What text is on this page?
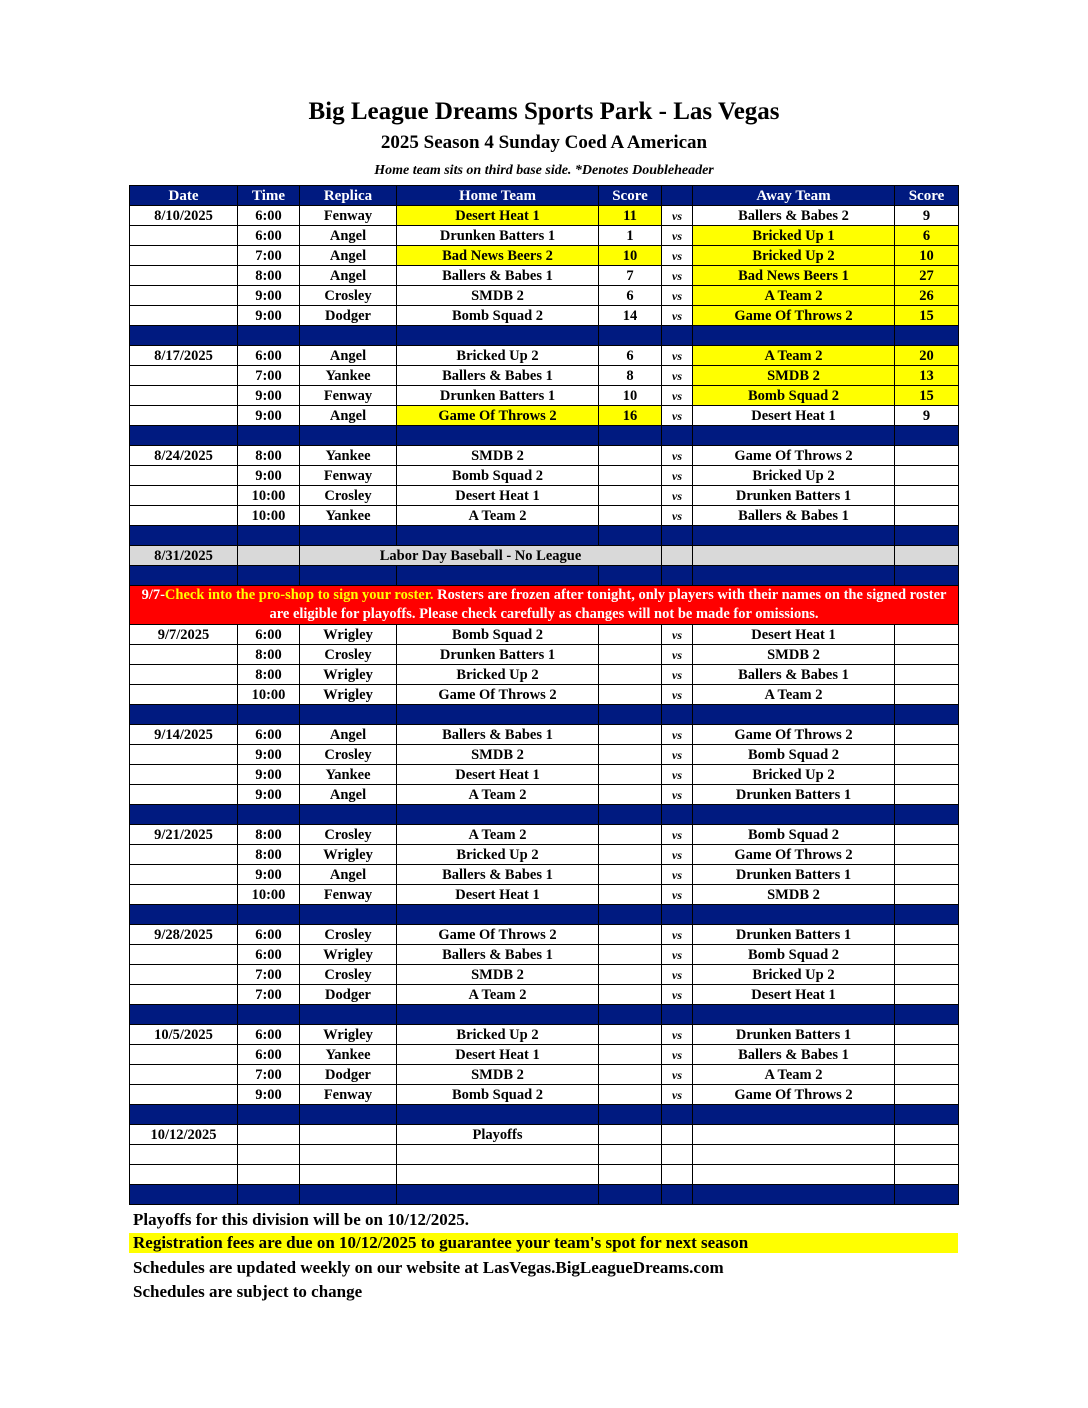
Big League Dreams Sports Park - Las Vegas
2025 Season 4 Sunday Coed A American
Home team sits on third base side. *Denotes Doubleheader
Date	Time	Replica	Home Team	Score		Away Team	Score
8/10/2025	6:00	Fenway	Desert Heat 1	11	vs	Ballers & Babes 2	9
	6:00	Angel	Drunken Batters 1	1	vs	Bricked Up 1	6
	7:00	Angel	Bad News Beers 2	10	vs	Bricked Up 2	10
	8:00	Angel	Ballers & Babes 1	7	vs	Bad News Beers 1	27
	9:00	Crosley	SMDB 2	6	vs	A Team 2	26
	9:00	Dodger	Bomb Squad 2	14	vs	Game Of Throws 2	15

8/17/2025	6:00	Angel	Bricked Up 2	6	vs	A Team 2	20
	7:00	Yankee	Ballers & Babes 1	8	vs	SMDB 2	13
	9:00	Fenway	Drunken Batters 1	10	vs	Bomb Squad 2	15
	9:00	Angel	Game Of Throws 2	16	vs	Desert Heat 1	9

8/24/2025	8:00	Yankee	SMDB 2		vs	Game Of Throws 2	
	9:00	Fenway	Bomb Squad 2		vs	Bricked Up 2	
	10:00	Crosley	Desert Heat 1		vs	Drunken Batters 1	
	10:00	Yankee	A Team 2		vs	Ballers & Babes 1	

8/31/2025		Labor Day Baseball - No League					

9/7-Check into the pro-shop to sign your roster. Rosters are frozen after tonight, only players with their names on the signed roster are eligible for playoffs. Please check carefully as changes will not be made for omissions.							
9/7/2025	6:00	Wrigley	Bomb Squad 2		vs	Desert Heat 1	
	8:00	Crosley	Drunken Batters 1		vs	SMDB 2	
	8:00	Wrigley	Bricked Up 2		vs	Ballers & Babes 1	
	10:00	Wrigley	Game Of Throws 2		vs	A Team 2	

9/14/2025	6:00	Angel	Ballers & Babes 1		vs	Game Of Throws 2	
	9:00	Crosley	SMDB 2		vs	Bomb Squad 2	
	9:00	Yankee	Desert Heat 1		vs	Bricked Up 2	
	9:00	Angel	A Team 2		vs	Drunken Batters 1	

9/21/2025	8:00	Crosley	A Team 2		vs	Bomb Squad 2	
	8:00	Wrigley	Bricked Up 2		vs	Game Of Throws 2	
	9:00	Angel	Ballers & Babes 1		vs	Drunken Batters 1	
	10:00	Fenway	Desert Heat 1		vs	SMDB 2	

9/28/2025	6:00	Crosley	Game Of Throws 2		vs	Drunken Batters 1	
	6:00	Wrigley	Ballers & Babes 1		vs	Bomb Squad 2	
	7:00	Crosley	SMDB 2		vs	Bricked Up 2	
	7:00	Dodger	A Team 2		vs	Desert Heat 1	

10/5/2025	6:00	Wrigley	Bricked Up 2		vs	Drunken Batters 1	
	6:00	Yankee	Desert Heat 1		vs	Ballers & Babes 1	
	7:00	Dodger	SMDB 2		vs	A Team 2	
	9:00	Fenway	Bomb Squad 2		vs	Game Of Throws 2	

10/12/2025			Playoffs				

Playoffs for this division will be on 10/12/2025.
Registration fees are due on 10/12/2025 to guarantee your team's spot for next season
Schedules are updated weekly on our website at LasVegas.BigLeagueDreams.com
Schedules are subject to change
